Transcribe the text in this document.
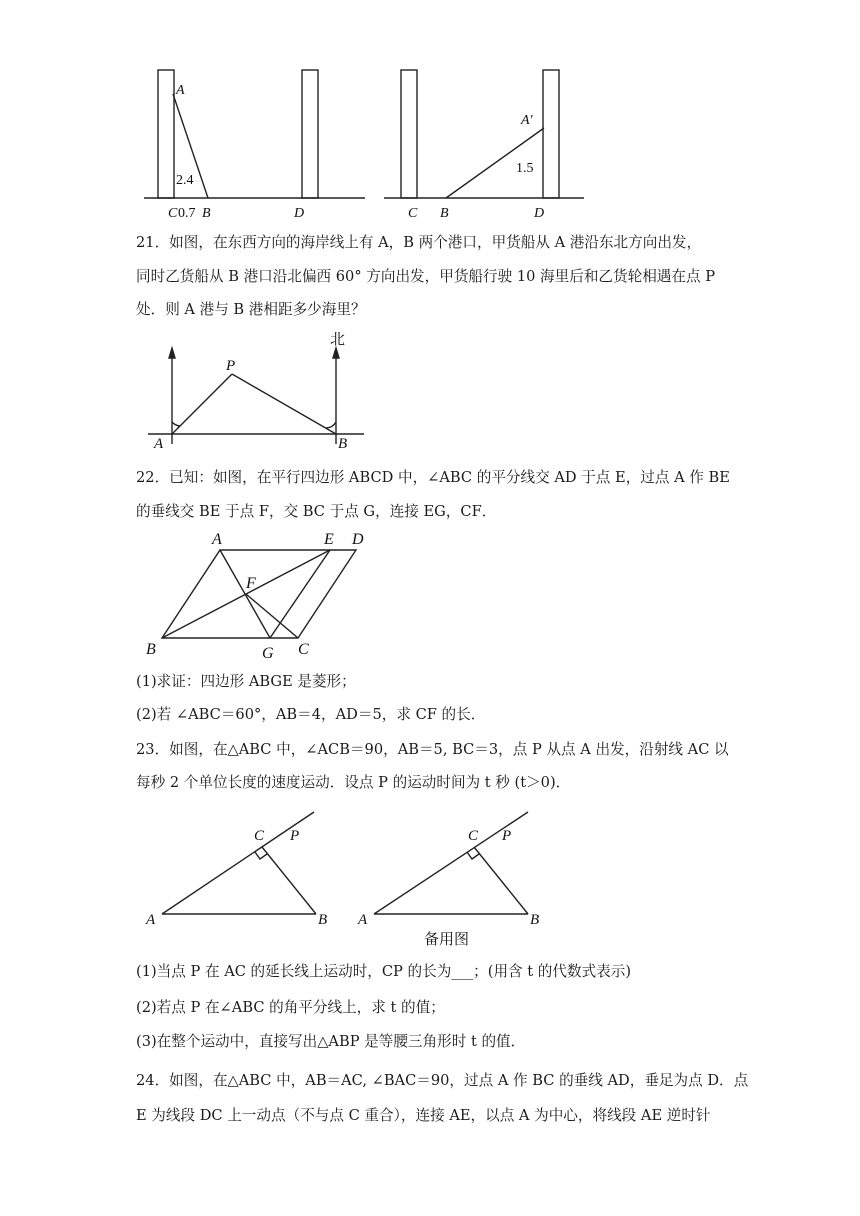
A
2.4
C 0.7 B	D	C B	D
A'
1.5
21．如图，在东西方向的海岸线上有 A，B 两个港口，甲货船从 A 港沿东北方向出发，
同时乙货船从 B 港口沿北偏西 60° 方向出发，甲货船行驶 10 海里后和乙货轮相遇在点 P
处．则 A 港与 B 港相距多少海里？
P
A	B
北
22．已知：如图，在平行四边形 ABCD 中，∠ABC 的平分线交 AD 于点 E，过点 A 作 BE
的垂线交 BE 于点 F，交 BC 于点 G，连接 EG，CF．
A	E D
F
B	G C
(1)求证：四边形 ABGE 是菱形；
(2)若 ∠ABC＝60°，AB＝4，AD＝5，求 CF 的长．
23．如图，在△ABC 中，∠ACB＝90，AB＝5, BC＝3，点 P 从点 A 出发，沿射线 AC 以
每秒 2 个单位长度的速度运动．设点 P 的运动时间为 t 秒 (t＞0)．
C P
A	B
C P
A	B
备用图
(1)当点 P 在 AC 的延长线上运动时，CP 的长为___；(用含 t 的代数式表示)
(2)若点 P 在∠ABC 的角平分线上，求 t 的值；
(3)在整个运动中，直接写出△ABP 是等腰三角形时 t 的值．
24．如图，在△ABC 中，AB＝AC, ∠BAC＝90，过点 A 作 BC 的垂线 AD，垂足为点 D．点
E 为线段 DC 上一动点（不与点 C 重合），连接 AE，以点 A 为中心，将线段 AE 逆时针
